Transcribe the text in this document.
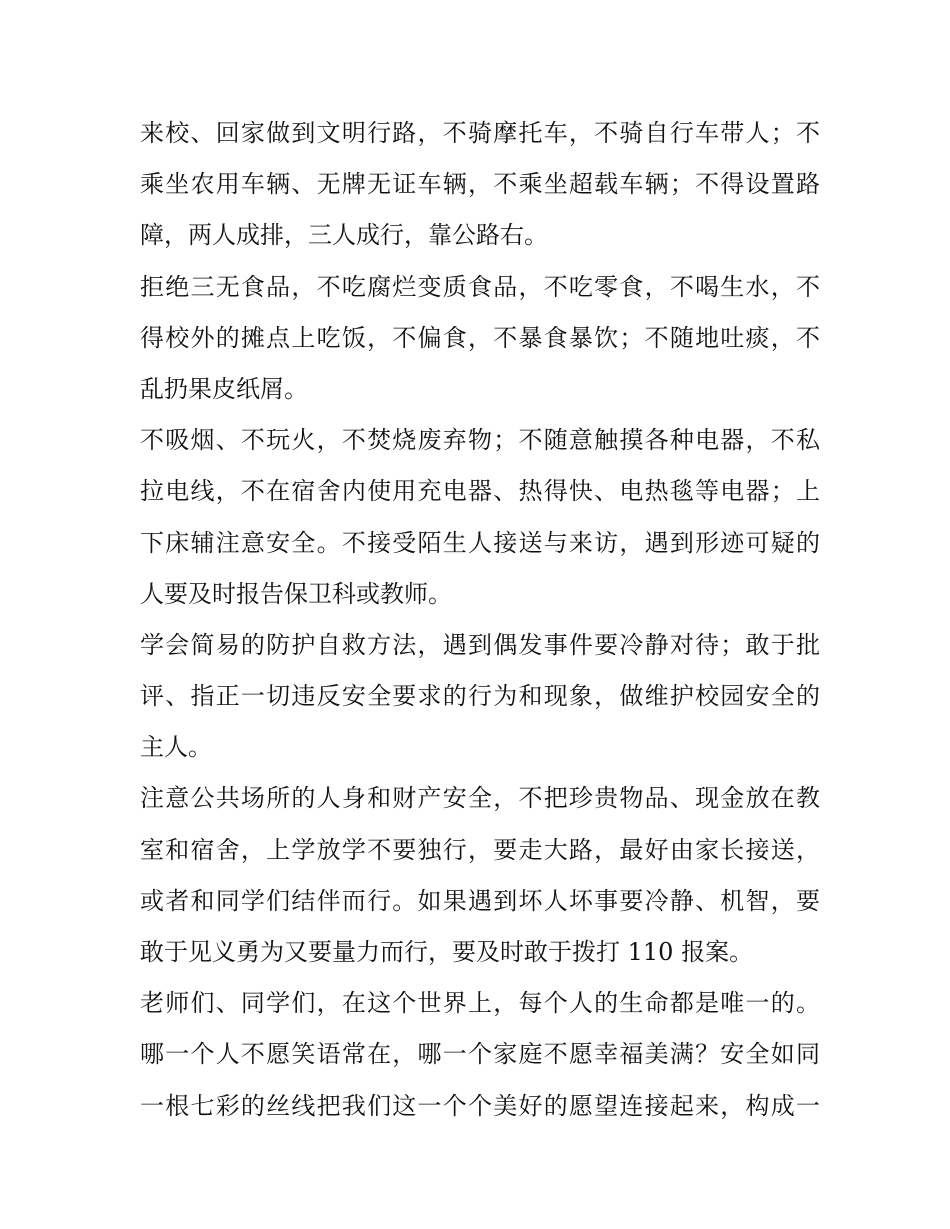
来校、回家做到文明行路，不骑摩托车，不骑自行车带人；不
乘坐农用车辆、无牌无证车辆，不乘坐超载车辆；不得设置路
障，两人成排，三人成行，靠公路右。
拒绝三无食品，不吃腐烂变质食品，不吃零食，不喝生水，不
得校外的摊点上吃饭，不偏食，不暴食暴饮；不随地吐痰，不
乱扔果皮纸屑。
不吸烟、不玩火，不焚烧废弃物；不随意触摸各种电器，不私
拉电线，不在宿舍内使用充电器、热得快、电热毯等电器；上
下床辅注意安全。不接受陌生人接送与来访，遇到形迹可疑的
人要及时报告保卫科或教师。
学会简易的防护自救方法，遇到偶发事件要冷静对待；敢于批
评、指正一切违反安全要求的行为和现象，做维护校园安全的
主人。
注意公共场所的人身和财产安全，不把珍贵物品、现金放在教
室和宿舍，上学放学不要独行，要走大路，最好由家长接送，
或者和同学们结伴而行。如果遇到坏人坏事要冷静、机智，要
敢于见义勇为又要量力而行，要及时敢于拨打 110 报案。
老师们、同学们，在这个世界上，每个人的生命都是唯一的。
哪一个人不愿笑语常在，哪一个家庭不愿幸福美满？安全如同
一根七彩的丝线把我们这一个个美好的愿望连接起来，构成一
